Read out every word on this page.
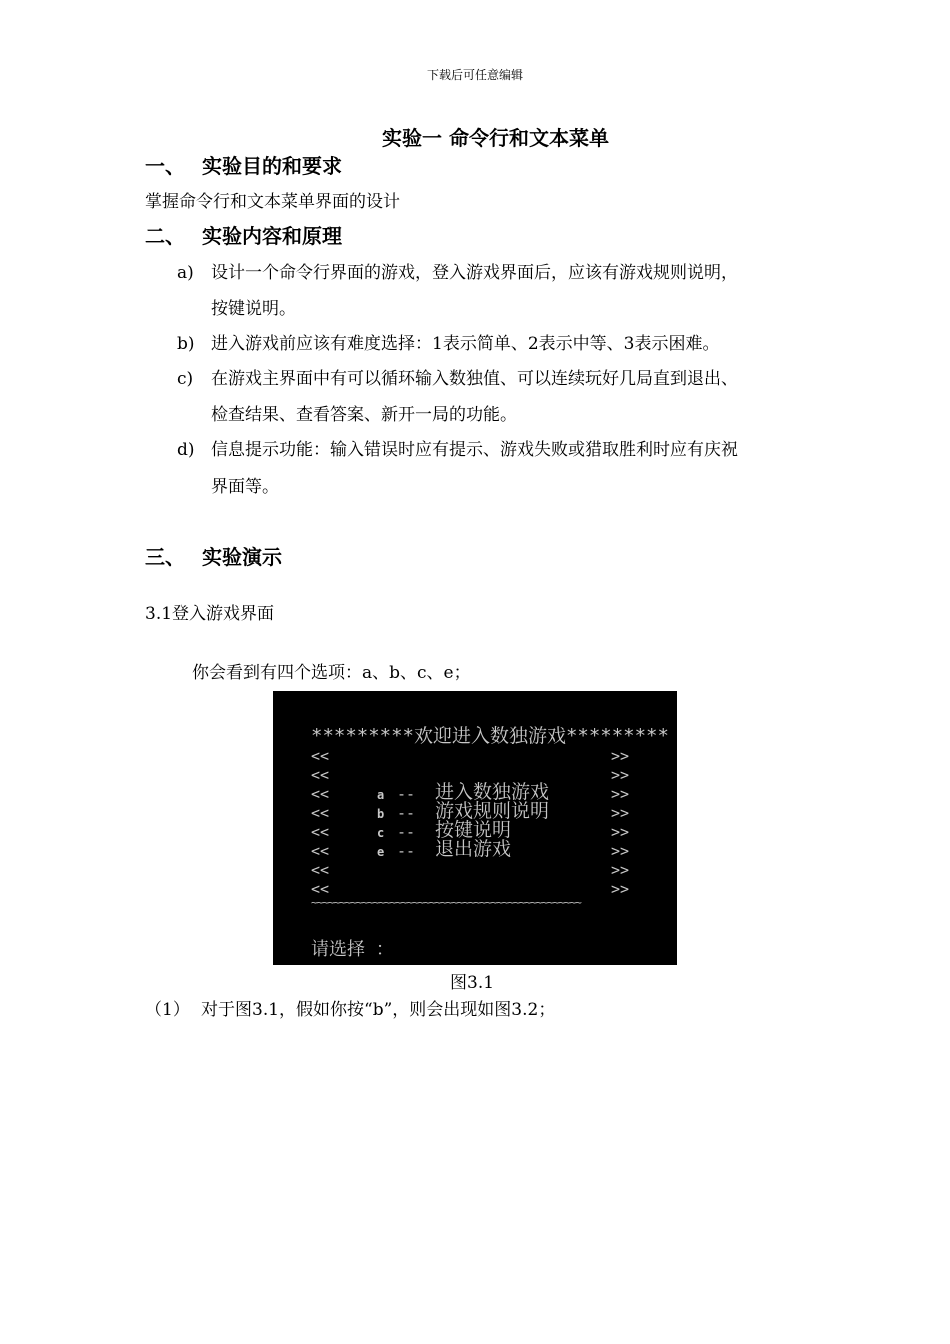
下载后可任意编辑
实验一 命令行和文本菜单
一、 实验目的和要求
掌握命令行和文本菜单界面的设计
二、 实验内容和原理
a) 设计一个命令行界面的游戏，登入游戏界面后，应该有游戏规则说明，
按键说明。
b) 进入游戏前应该有难度选择：1表示简单、2表示中等、3表示困难。
c) 在游戏主界面中有可以循环输入数独值、可以连续玩好几局直到退出、
检查结果、查看答案、新开一局的功能。
d) 信息提示功能：输入错误时应有提示、游戏失败或猎取胜利时应有庆祝
界面等。
三、 实验演示
3.1登入游戏界面
你会看到有四个选项：a、b、c、e；
*********欢迎进入数独游戏*********
<<	>>
<<	>>
<<	a -- 进入数独游戏	>>
<<	b -- 游戏规则说明	>>
<<	c -- 按键说明	>>
<<	e -- 退出游戏	>>
<<	>>
<<	>>
~~~~~~~~~~~~~~~~~~~~~~~~~~~~~~~~~~~~~~~~~~~~~~~~
请选择 ：
图3.1
（1） 对于图3.1，假如你按“b”，则会出现如图3.2；
